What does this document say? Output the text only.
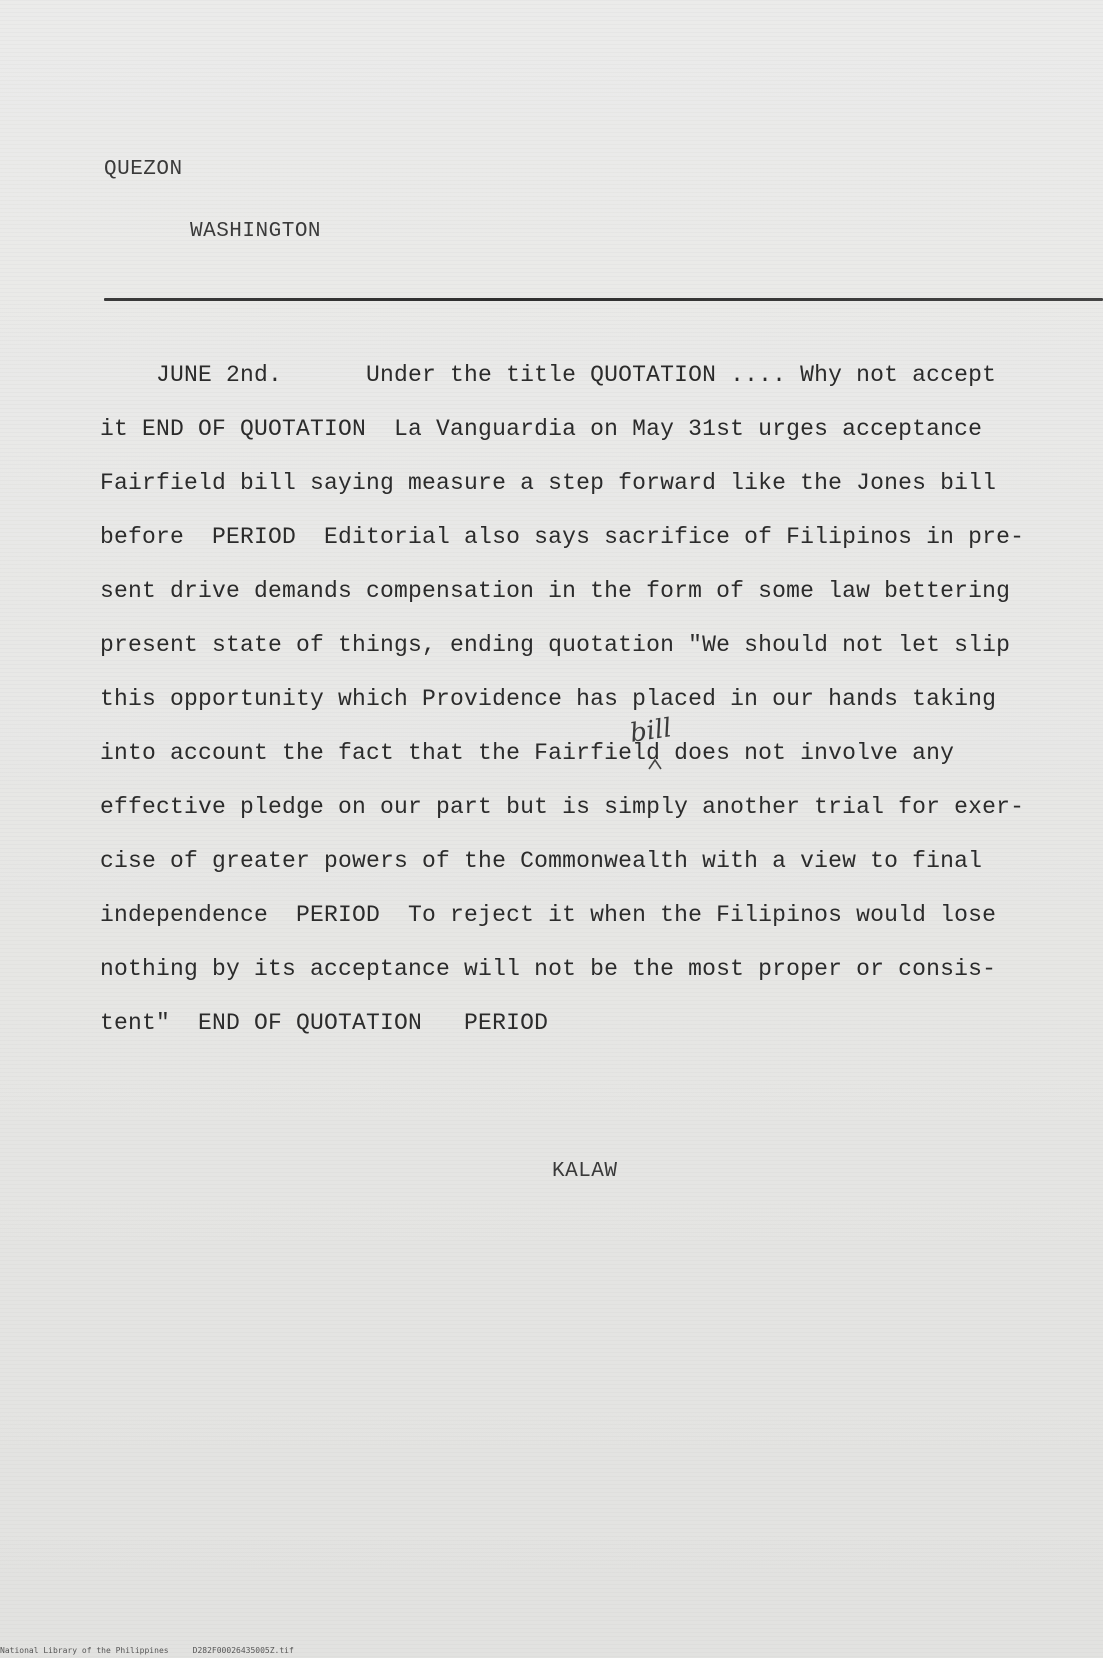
QUEZON
WASHINGTON
JUNE 2nd.      Under the title QUOTATION .... Why not accept
it END OF QUOTATION  La Vanguardia on May 31st urges acceptance
Fairfield bill saying measure a step forward like the Jones bill
before  PERIOD  Editorial also says sacrifice of Filipinos in pre-
sent drive demands compensation in the form of some law bettering
present state of things, ending quotation "We should not let slip
this opportunity which Providence has placed in our hands taking
into account the fact that the Fairfield does not involve any
bill
effective pledge on our part but is simply another trial for exer-
cise of greater powers of the Commonwealth with a view to final
independence  PERIOD  To reject it when the Filipinos would lose
nothing by its acceptance will not be the most proper or consis-
tent"  END OF QUOTATION   PERIOD
KALAW
National Library of the Philippines     D282F00026435005Z.tif
